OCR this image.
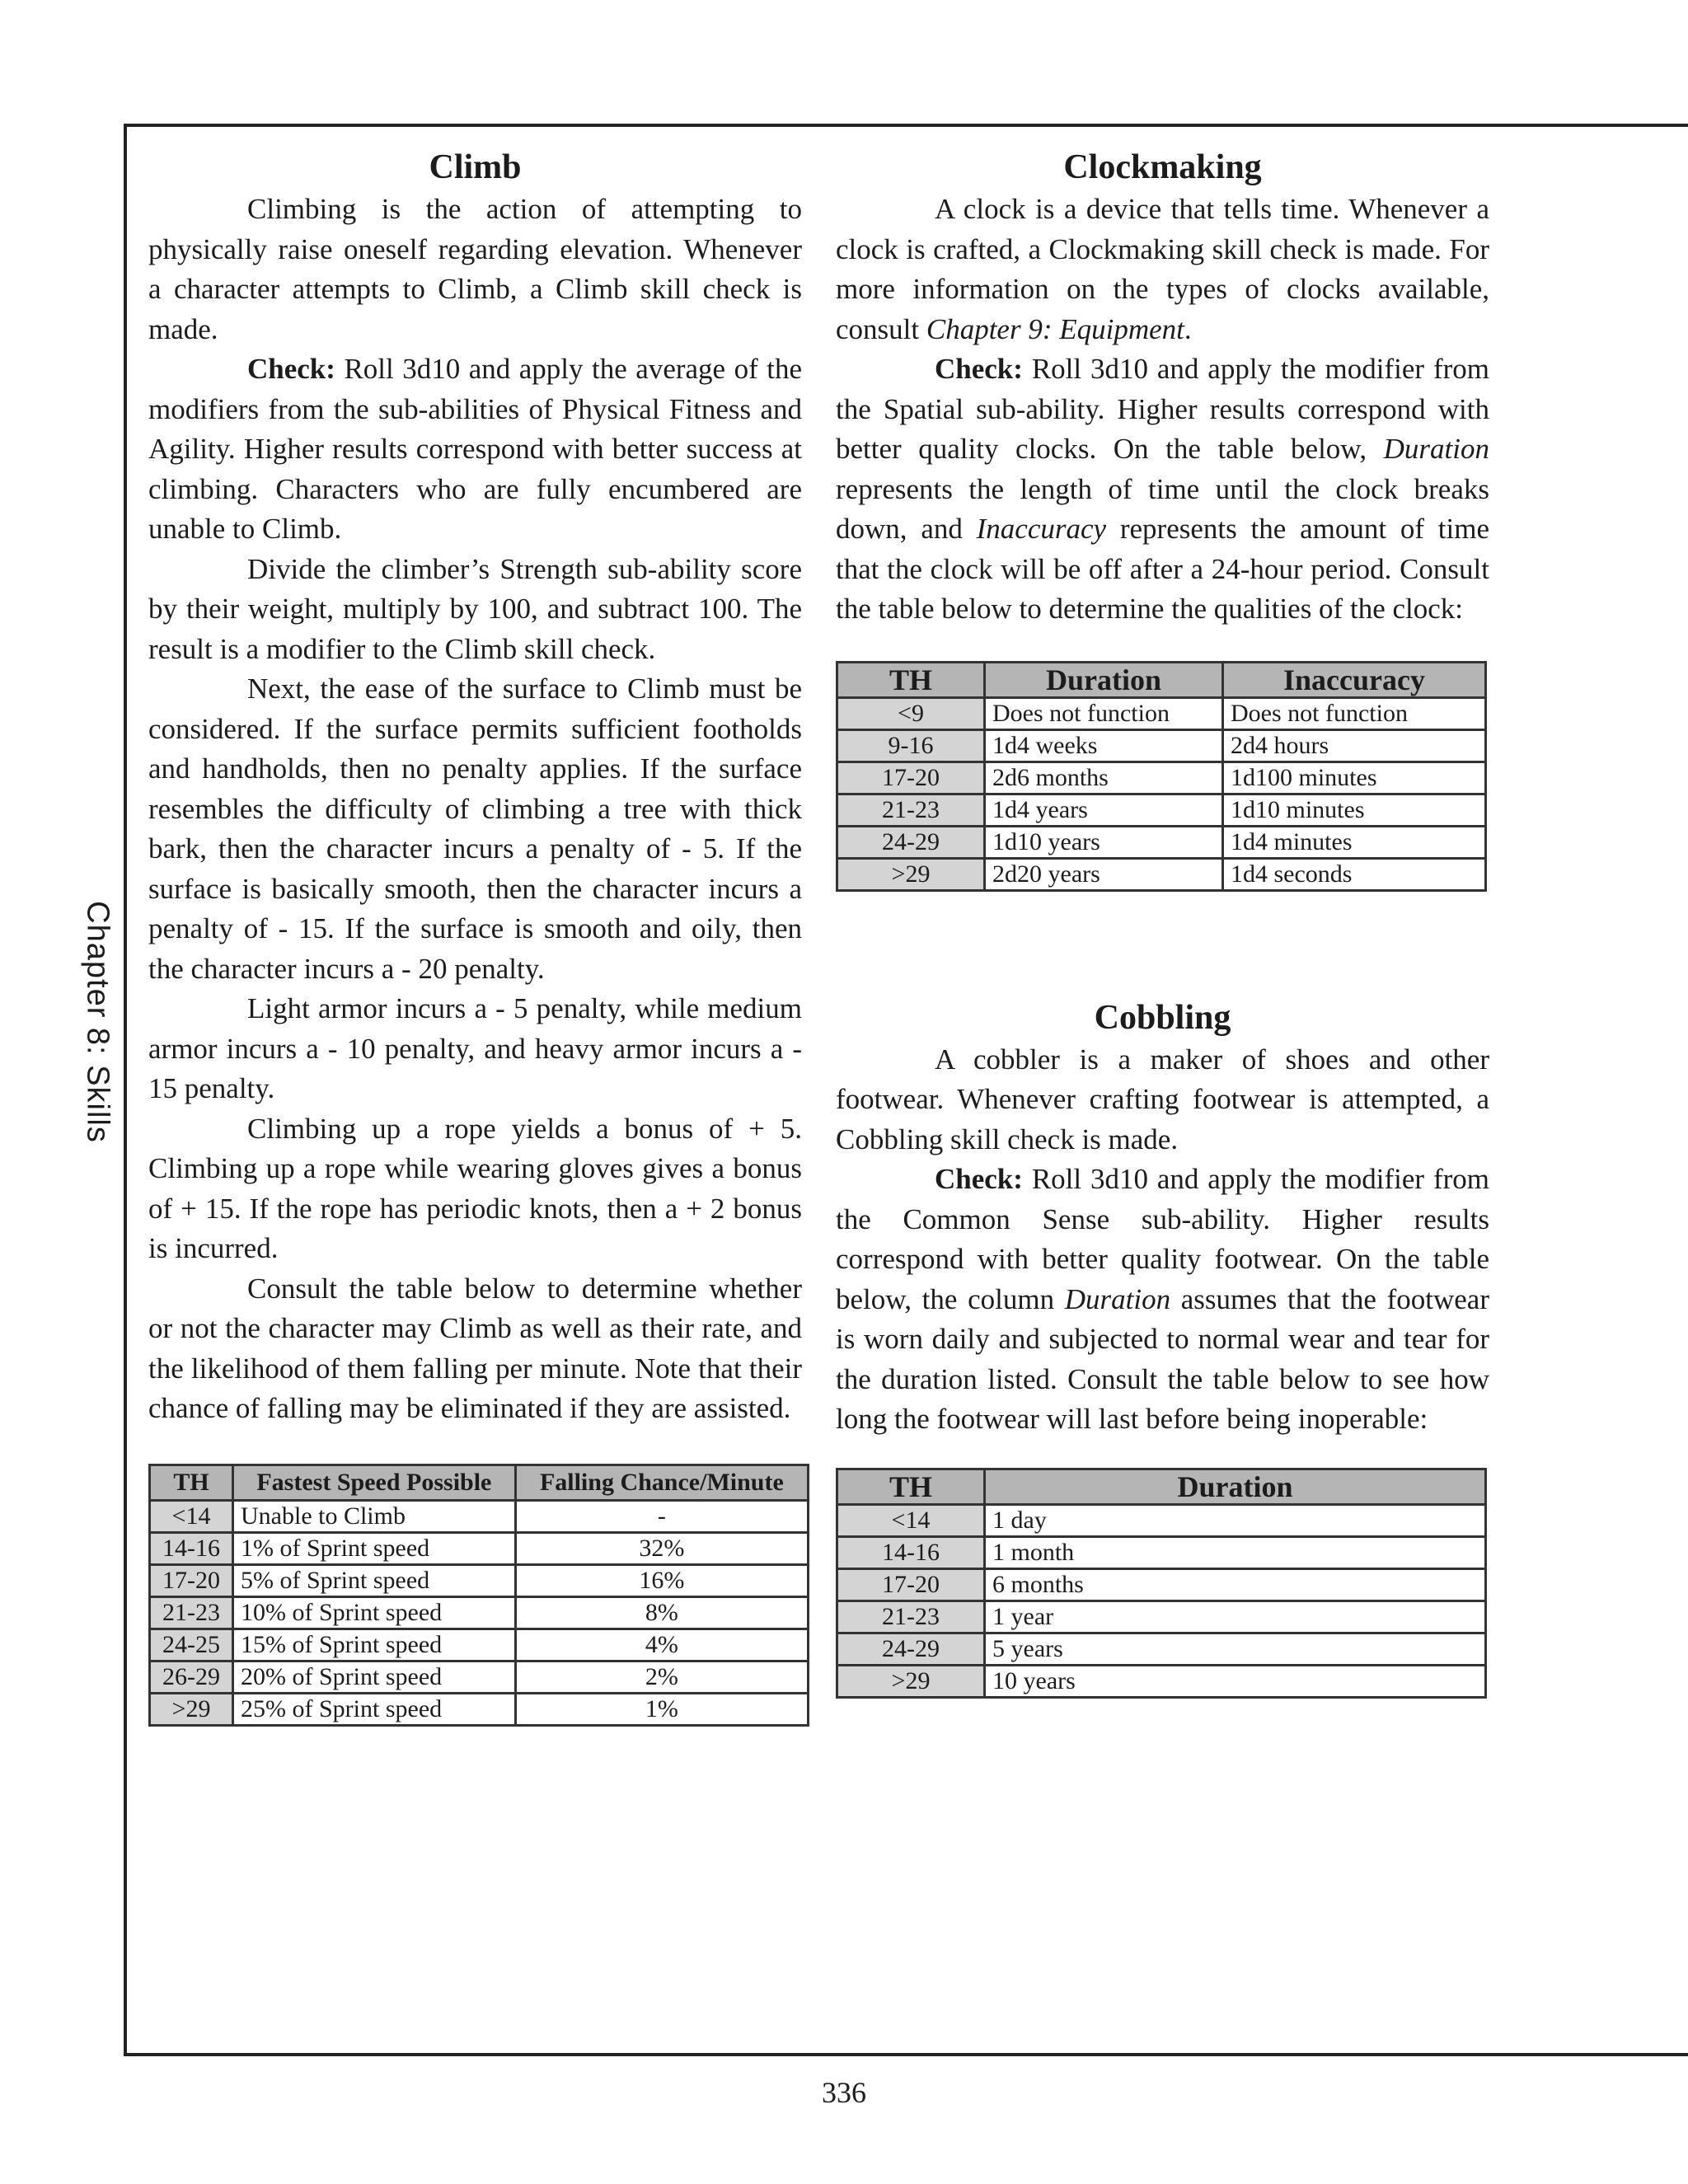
Chapter 8: Skills
Climb

Climbing is the action of attempting to physically raise oneself regarding elevation. Whenever a character attempts to Climb, a Climb skill check is made.

Check: Roll 3d10 and apply the average of the modifiers from the sub-abilities of Physical Fitness and Agility. Higher results correspond with better success at climbing. Characters who are fully encumbered are unable to Climb.

Divide the climber’s Strength sub-ability score by their weight, multiply by 100, and subtract 100. The result is a modifier to the Climb skill check.

Next, the ease of the surface to Climb must be considered. If the surface permits sufficient footholds and handholds, then no penalty applies. If the surface resembles the difficulty of climbing a tree with thick bark, then the character incurs a penalty of - 5. If the surface is basically smooth, then the character incurs a penalty of - 15. If the surface is smooth and oily, then the character incurs a - 20 penalty.

Light armor incurs a - 5 penalty, while medium armor incurs a - 10 penalty, and heavy armor incurs a - 15 penalty.

Climbing up a rope yields a bonus of + 5. Climbing up a rope while wearing gloves gives a bonus of + 15. If the rope has periodic knots, then a + 2 bonus is incurred.

Consult the table below to determine whether or not the character may Climb as well as their rate, and the likelihood of them falling per minute. Note that their chance of falling may be eliminated if they are assisted.

TH	Fastest Speed Possible	Falling Chance/Minute
<14	Unable to Climb	-
14-16	1% of Sprint speed	32%
17-20	5% of Sprint speed	16%
21-23	10% of Sprint speed	8%
24-25	15% of Sprint speed	4%
26-29	20% of Sprint speed	2%
>29	25% of Sprint speed	1%
Clockmaking

A clock is a device that tells time. Whenever a clock is crafted, a Clockmaking skill check is made. For more information on the types of clocks available, consult Chapter 9: Equipment.

Check: Roll 3d10 and apply the modifier from the Spatial sub-ability. Higher results correspond with better quality clocks. On the table below, Duration represents the length of time until the clock breaks down, and Inaccuracy represents the amount of time that the clock will be off after a 24-hour period. Consult the table below to determine the qualities of the clock:

TH	Duration	Inaccuracy
<9	Does not function	Does not function
9-16	1d4 weeks	2d4 hours
17-20	2d6 months	1d100 minutes
21-23	1d4 years	1d10 minutes
24-29	1d10 years	1d4 minutes
>29	2d20 years	1d4 seconds
Cobbling

A cobbler is a maker of shoes and other footwear. Whenever crafting footwear is attempted, a Cobbling skill check is made.

Check: Roll 3d10 and apply the modifier from the Common Sense sub-ability. Higher results correspond with better quality footwear. On the table below, the column Duration assumes that the footwear is worn daily and subjected to normal wear and tear for the duration listed. Consult the table below to see how long the footwear will last before being inoperable:

TH	Duration
<14	1 day
14-16	1 month
17-20	6 months
21-23	1 year
24-29	5 years
>29	10 years
336
